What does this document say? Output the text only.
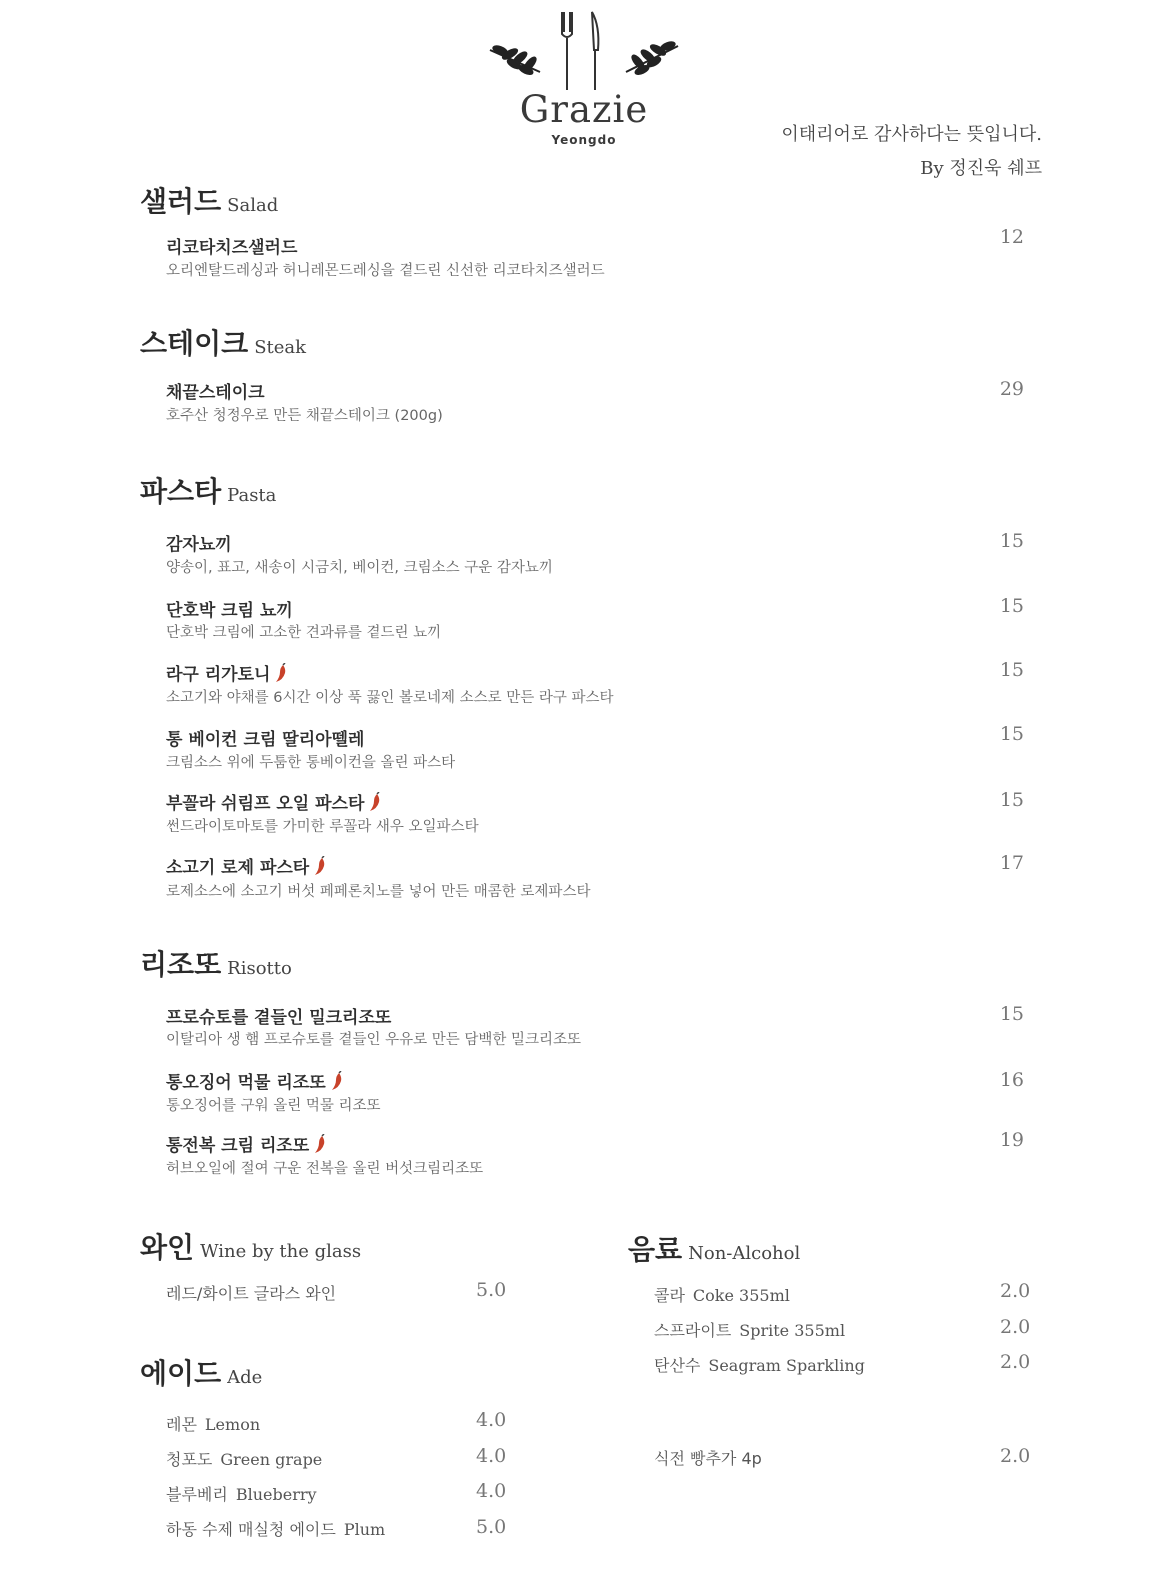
Grazie
Yeongdo	이태리어로 감사하다는 뜻입니다.
By 정진욱 쉐프
샐러드 Salad
리코타치즈샐러드
오리엔탈드레싱과 허니레몬드레싱을 곁드린 신선한 리코타치즈샐러드
12
스테이크 Steak
채끝스테이크
호주산 청정우로 만든 채끝스테이크 (200g)
29
파스타 Pasta
감자뇨끼
양송이, 표고, 새송이 시금치, 베이컨, 크림소스 구운 감자뇨끼
15
단호박 크림 뇨끼
단호박 크림에 고소한 견과류를 곁드린 뇨끼
15
라구 리가토니
소고기와 야채를 6시간 이상 푹 끓인 볼로네제 소스로 만든 라구 파스타
15
통 베이컨 크림 딸리아뗄레
크림소스 위에 두툼한 통베이컨을 올린 파스타
15
부꼴라 쉬림프 오일 파스타
썬드라이토마토를 가미한 루꼴라 새우 오일파스타
15
소고기 로제 파스타
로제소스에 소고기 버섯 페페론치노를 넣어 만든 매콤한 로제파스타
17
리조또 Risotto
프로슈토를 곁들인 밀크리조또
이탈리아 생 햄 프로슈토를 곁들인 우유로 만든 담백한 밀크리조또
15
통오징어 먹물 리조또
통오징어를 구워 올린 먹물 리조또
16
통전복 크림 리조또
허브오일에 절여 구운 전복을 올린 버섯크림리조또
19
와인 Wine by the glass
레드/화이트 글라스 와인	5.0
에이드 Ade
레몬 Lemon	4.0
청포도 Green grape	4.0
블루베리 Blueberry	4.0
하동 수제 매실청 에이드 Plum	5.0
음료 Non-Alcohol
콜라 Coke 355ml	2.0
스프라이트 Sprite 355ml	2.0
탄산수 Seagram Sparkling	2.0
식전 빵추가 4p	2.0
